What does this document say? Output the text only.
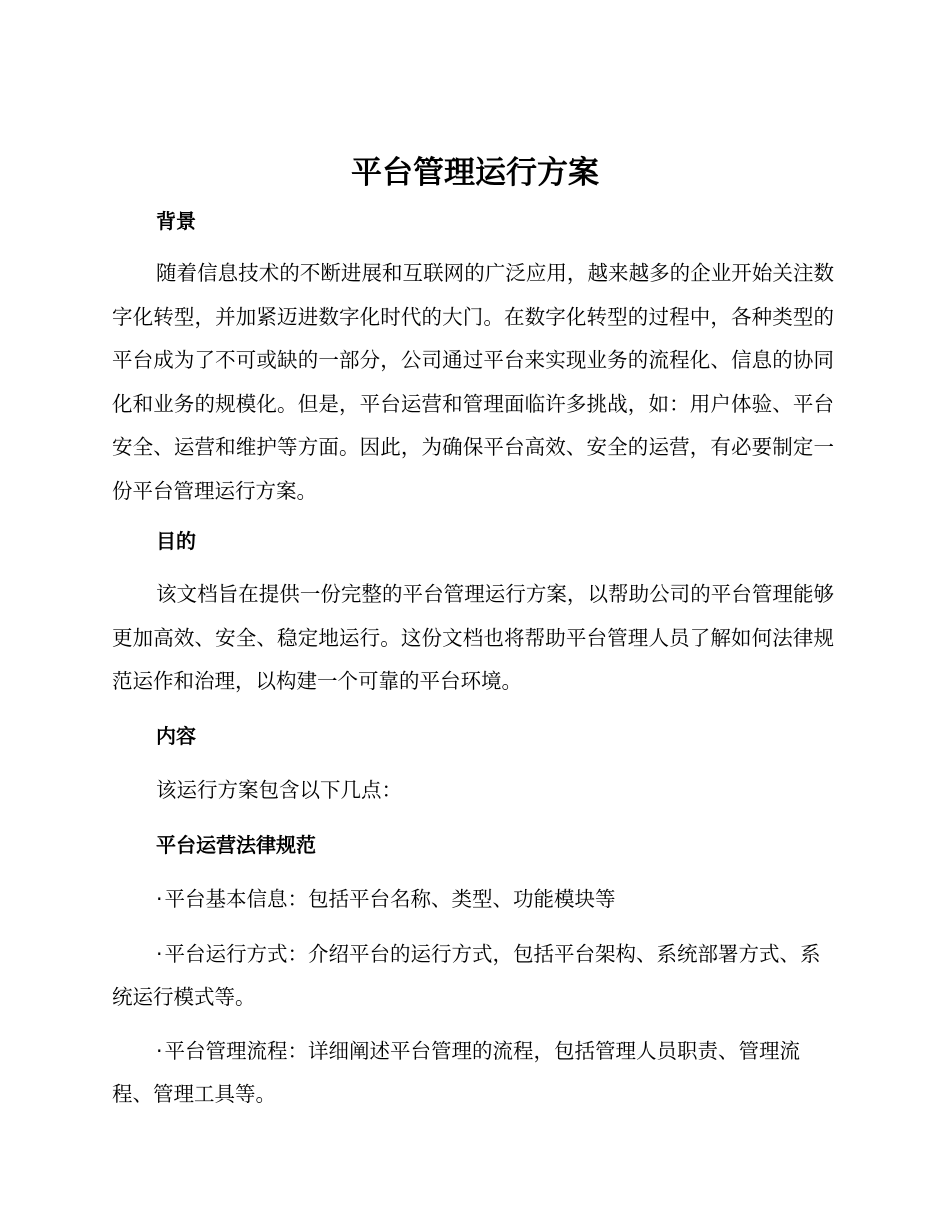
平台管理运行方案
背景

随着信息技术的不断进展和互联网的广泛应用，越来越多的企业开始关注数字化转型，并加紧迈进数字化时代的大门。在数字化转型的过程中，各种类型的平台成为了不可或缺的一部分，公司通过平台来实现业务的流程化、信息的协同化和业务的规模化。但是，平台运营和管理面临许多挑战，如：用户体验、平台安全、运营和维护等方面。因此，为确保平台高效、安全的运营，有必要制定一份平台管理运行方案。

目的

该文档旨在提供一份完整的平台管理运行方案，以帮助公司的平台管理能够更加高效、安全、稳定地运行。这份文档也将帮助平台管理人员了解如何法律规范运作和治理，以构建一个可靠的平台环境。

内容

该运行方案包含以下几点：

平台运营法律规范

·平台基本信息：包括平台名称、类型、功能模块等

·平台运行方式：介绍平台的运行方式，包括平台架构、系统部署方式、系统运行模式等。

·平台管理流程：详细阐述平台管理的流程，包括管理人员职责、管理流程、管理工具等。
